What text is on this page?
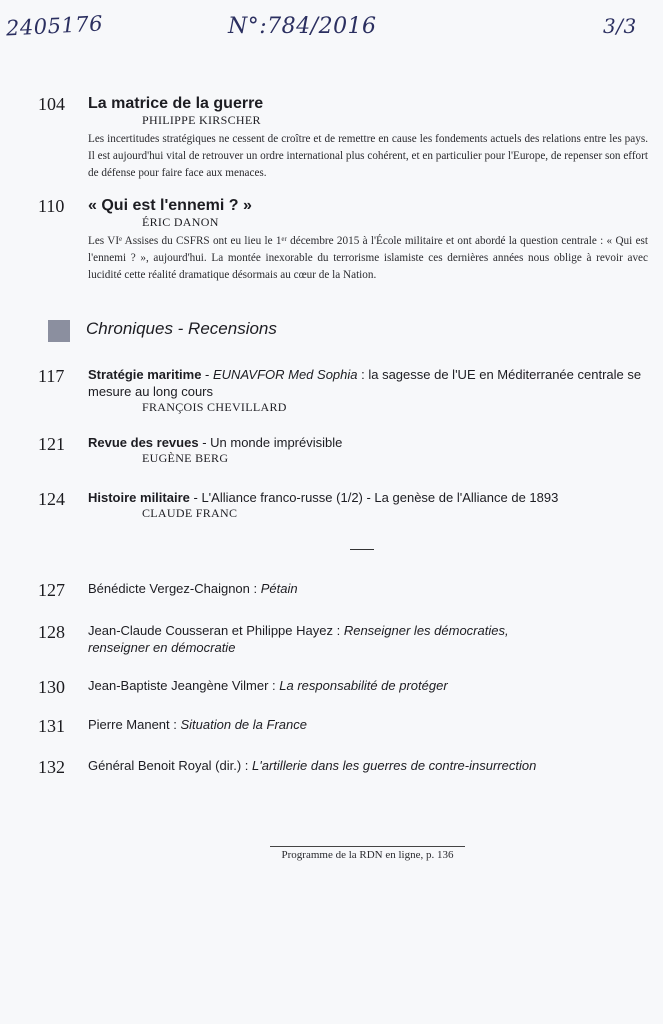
2405176	N°:784/2016	3/3
104	La matrice de la guerre
PHILIPPE KIRSCHER
Les incertitudes stratégiques ne cessent de croître et de remettre en cause les fondements actuels des relations entre les pays. Il est aujourd'hui vital de retrouver un ordre international plus cohérent, et en particulier pour l'Europe, de repenser son effort de défense pour faire face aux menaces.
110	« Qui est l'ennemi ? »
ÉRIC DANON
Les VIᵉ Assises du CSFRS ont eu lieu le 1ᵉʳ décembre 2015 à l'École militaire et ont abordé la question centrale : « Qui est l'ennemi ? », aujourd'hui. La montée inexorable du terrorisme islamiste ces dernières années nous oblige à revoir avec lucidité cette réalité dramatique désormais au cœur de la Nation.
Chroniques - Recensions
117	Stratégie maritime - EUNAVFOR Med Sophia : la sagesse de l'UE en Méditerranée centrale se mesure au long cours
FRANÇOIS CHEVILLARD
121	Revue des revues - Un monde imprévisible
EUGÈNE BERG
124	Histoire militaire - L'Alliance franco-russe (1/2) - La genèse de l'Alliance de 1893
CLAUDE FRANC
127	Bénédicte Vergez-Chaignon : Pétain
128	Jean-Claude Cousseran et Philippe Hayez : Renseigner les démocraties, renseigner en démocratie
130	Jean-Baptiste Jeangène Vilmer : La responsabilité de protéger
131	Pierre Manent : Situation de la France
132	Général Benoit Royal (dir.) : L'artillerie dans les guerres de contre-insurrection
Programme de la RDN en ligne, p. 136
